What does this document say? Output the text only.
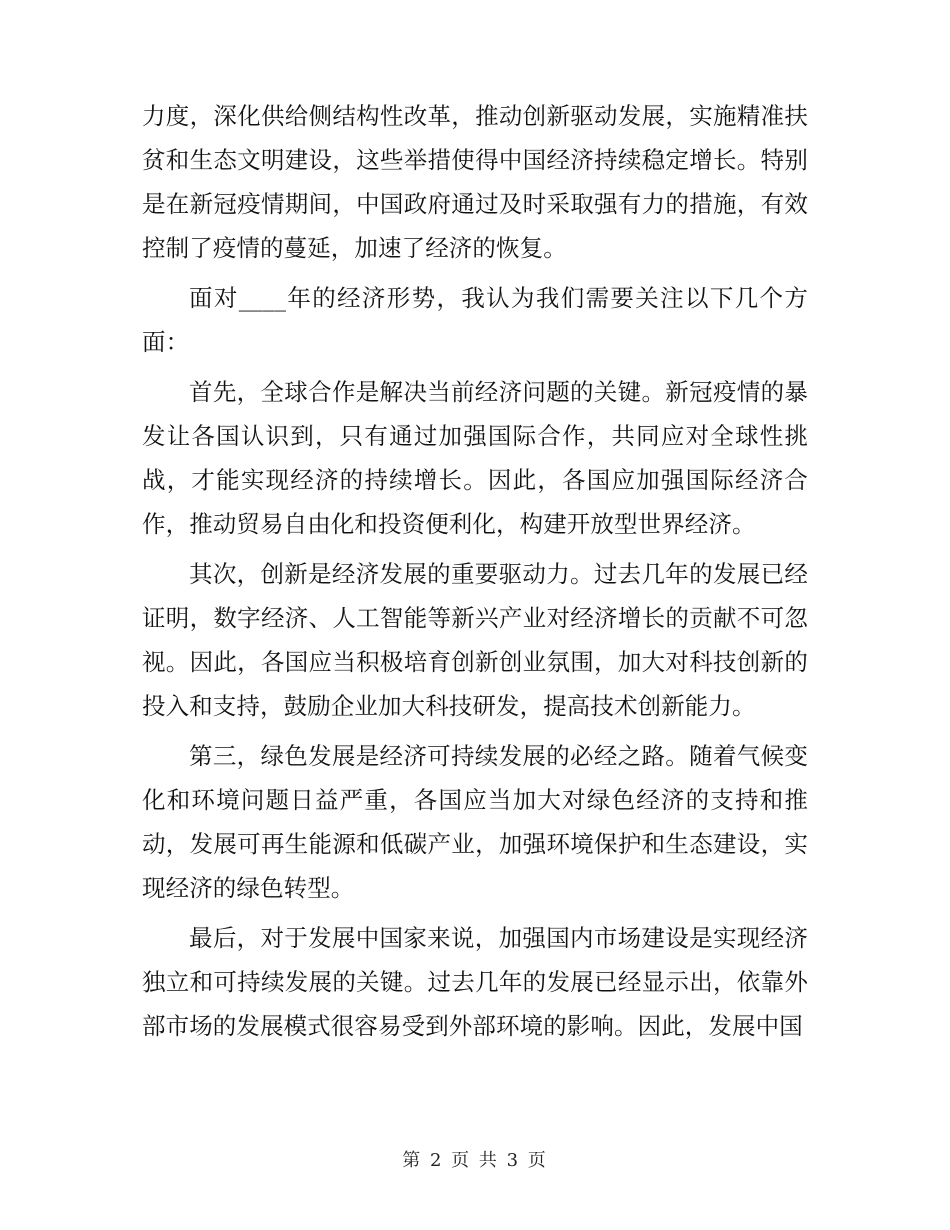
力度，深化供给侧结构性改革，推动创新驱动发展，实施精准扶贫和生态文明建设，这些举措使得中国经济持续稳定增长。特别是在新冠疫情期间，中国政府通过及时采取强有力的措施，有效控制了疫情的蔓延，加速了经济的恢复。

面对____年的经济形势，我认为我们需要关注以下几个方面：

首先，全球合作是解决当前经济问题的关键。新冠疫情的暴发让各国认识到，只有通过加强国际合作，共同应对全球性挑战，才能实现经济的持续增长。因此，各国应加强国际经济合作，推动贸易自由化和投资便利化，构建开放型世界经济。

其次，创新是经济发展的重要驱动力。过去几年的发展已经证明，数字经济、人工智能等新兴产业对经济增长的贡献不可忽视。因此，各国应当积极培育创新创业氛围，加大对科技创新的投入和支持，鼓励企业加大科技研发，提高技术创新能力。

第三，绿色发展是经济可持续发展的必经之路。随着气候变化和环境问题日益严重，各国应当加大对绿色经济的支持和推动，发展可再生能源和低碳产业，加强环境保护和生态建设，实现经济的绿色转型。

最后，对于发展中国家来说，加强国内市场建设是实现经济独立和可持续发展的关键。过去几年的发展已经显示出，依靠外部市场的发展模式很容易受到外部环境的影响。因此，发展中国

第 2 页 共 3 页
